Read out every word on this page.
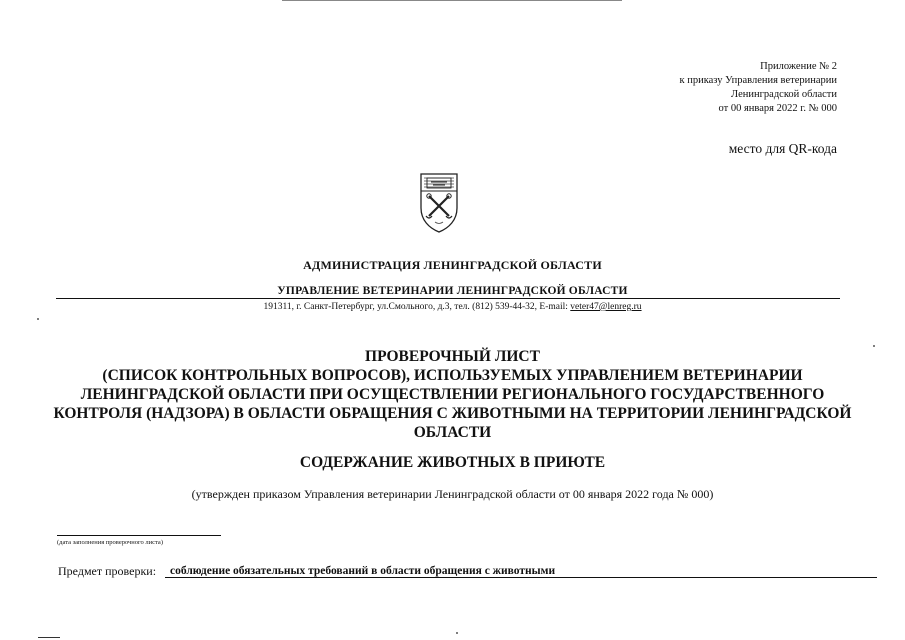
Приложение № 2
к приказу Управления ветеринарии
Ленинградской области
от 00 января 2022 г. № 000
место для QR-кода
АДМИНИСТРАЦИЯ ЛЕНИНГРАДСКОЙ ОБЛАСТИ
УПРАВЛЕНИЕ ВЕТЕРИНАРИИ ЛЕНИНГРАДСКОЙ ОБЛАСТИ
191311, г. Санкт-Петербург, ул.Смольного, д.3, тел. (812) 539-44-32, E-mail: veter47@lenreg.ru
ПРОВЕРОЧНЫЙ ЛИСТ
(СПИСОК КОНТРОЛЬНЫХ ВОПРОСОВ), ИСПОЛЬЗУЕМЫХ УПРАВЛЕНИЕМ ВЕТЕРИНАРИИ
ЛЕНИНГРАДСКОЙ ОБЛАСТИ ПРИ ОСУЩЕСТВЛЕНИИ РЕГИОНАЛЬНОГО ГОСУДАРСТВЕННОГО
КОНТРОЛЯ (НАДЗОРА) В ОБЛАСТИ ОБРАЩЕНИЯ С ЖИВОТНЫМИ НА ТЕРРИТОРИИ ЛЕНИНГРАДСКОЙ
ОБЛАСТИ
СОДЕРЖАНИЕ ЖИВОТНЫХ В ПРИЮТЕ
(утвержден приказом Управления ветеринарии Ленинградской области от 00 января 2022 года № 000)
(дата заполнения проверочного листа)
Предмет проверки: соблюдение обязательных требований в области обращения с животными
